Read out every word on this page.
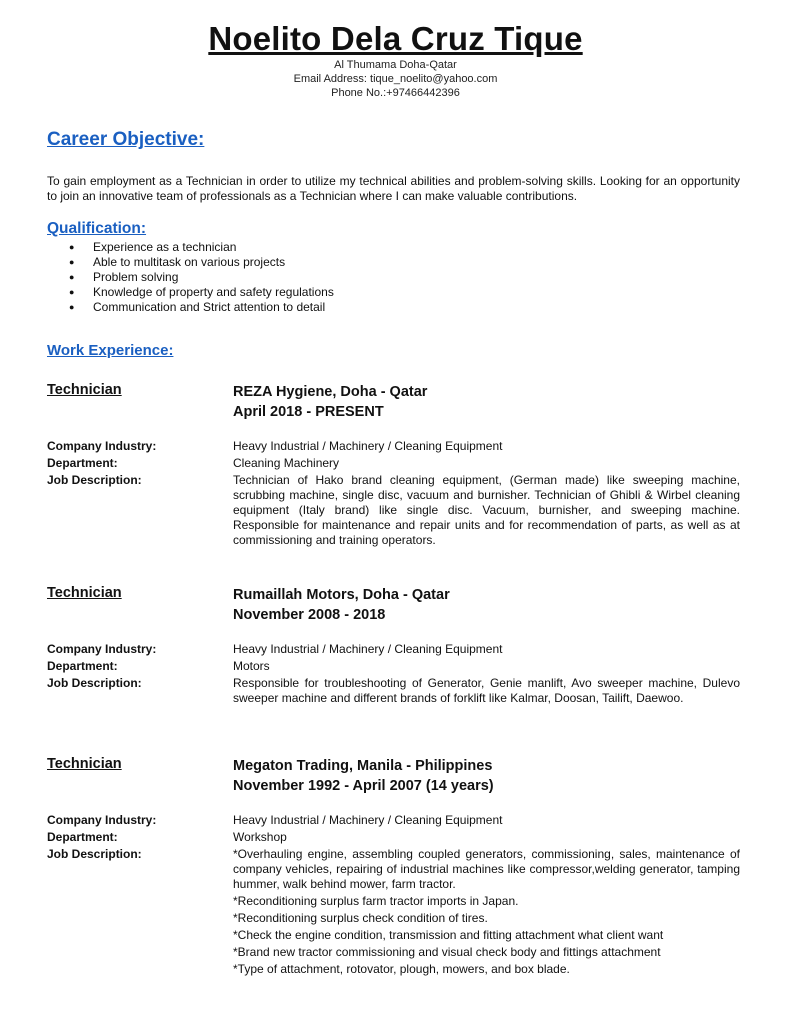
Noelito Dela Cruz Tique
Al Thumama Doha-Qatar
Email Address: tique_noelito@yahoo.com
Phone No.:+97466442396
Career Objective:
To gain employment as a Technician in order to utilize my technical abilities and problem-solving skills. Looking for an opportunity to join an innovative team of professionals as a Technician where I can make valuable contributions.
Qualification:
● Experience as a technician
● Able to multitask on various projects
● Problem solving
● Knowledge of property and safety regulations
● Communication and Strict attention to detail
Work Experience:
Technician	REZA Hygiene, Doha - Qatar
April 2018 - PRESENT
Company Industry:	Heavy Industrial / Machinery / Cleaning Equipment
Department:	Cleaning Machinery
Job Description:	Technician of Hako brand cleaning equipment, (German made) like sweeping machine, scrubbing machine, single disc, vacuum and burnisher. Technician of Ghibli & Wirbel cleaning equipment (Italy brand) like single disc. Vacuum, burnisher, and sweeping machine. Responsible for maintenance and repair units and for recommendation of parts, as well as at commissioning and training operators.
Technician	Rumaillah Motors, Doha - Qatar
November 2008 - 2018
Company Industry:	Heavy Industrial / Machinery / Cleaning Equipment
Department:	Motors
Job Description:	Responsible for troubleshooting of Generator, Genie manlift, Avo sweeper machine, Dulevo sweeper machine and different brands of forklift like Kalmar, Doosan, Tailift, Daewoo.
Technician	Megaton Trading, Manila - Philippines
November 1992 - April 2007 (14 years)
Company Industry:	Heavy Industrial / Machinery / Cleaning Equipment
Department:	Workshop
Job Description:	*Overhauling engine, assembling coupled generators, commissioning, sales, maintenance of company vehicles, repairing of industrial machines like compressor,welding generator, tamping hummer, walk behind mower, farm tractor.
*Reconditioning surplus farm tractor imports in Japan.
*Reconditioning surplus check condition of tires.
*Check the engine condition, transmission and fitting attachment what client want
*Brand new tractor commissioning and visual check body and fittings attachment
*Type of attachment, rotovator, plough, mowers, and box blade.
